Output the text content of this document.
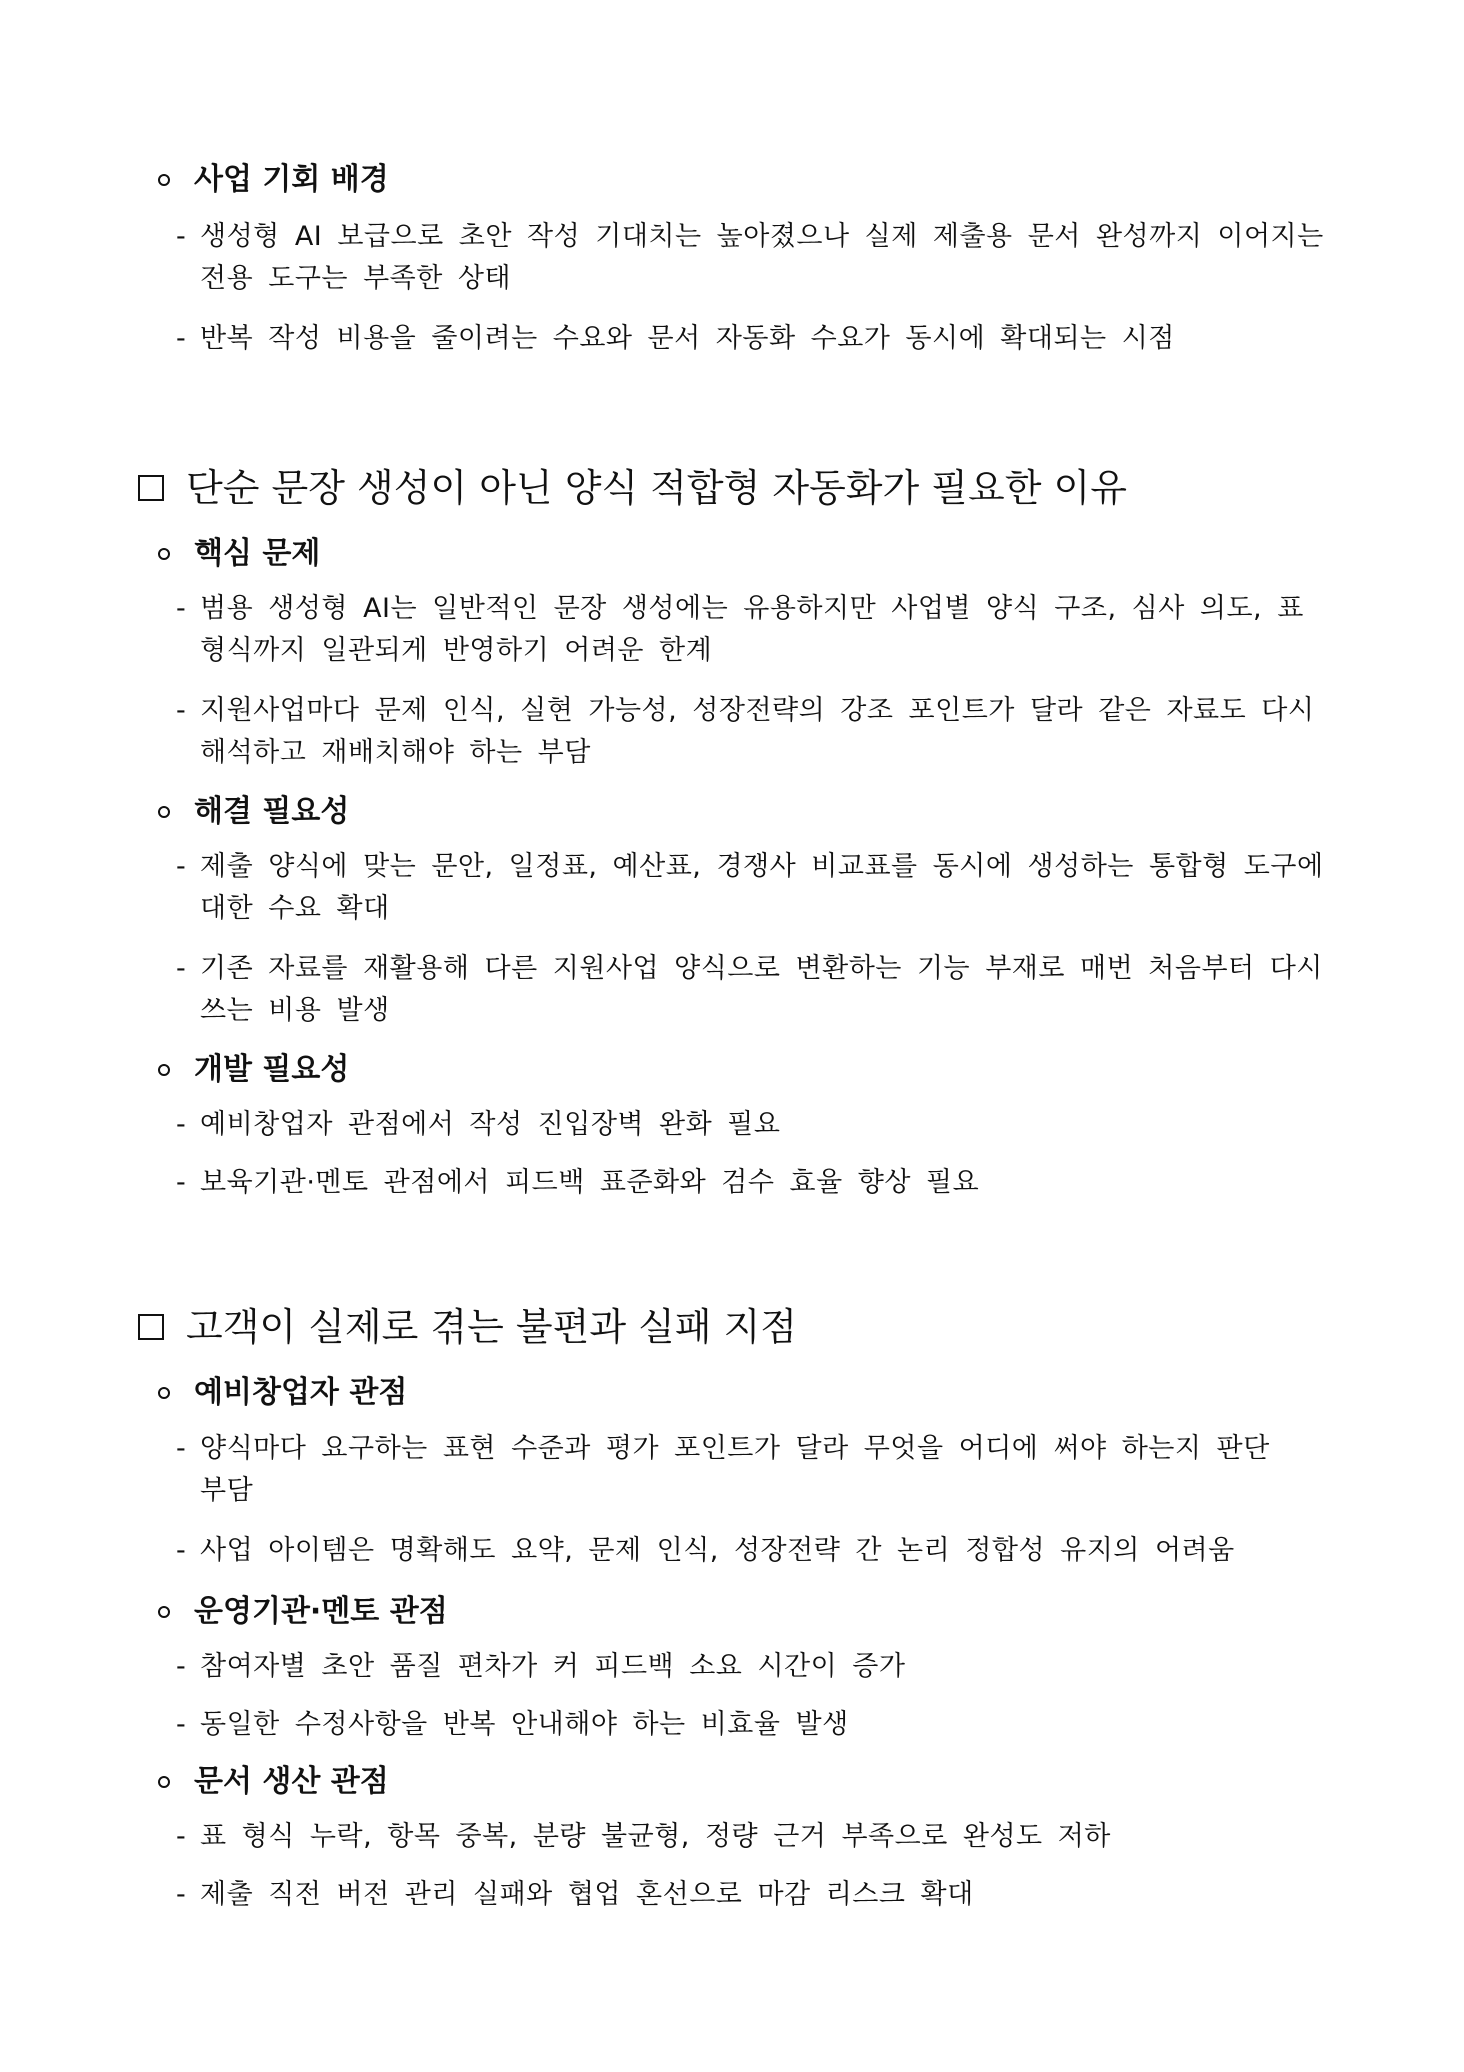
사업 기회 배경
- 생성형 AI 보급으로 초안 작성 기대치는 높아졌으나 실제 제출용 문서 완성까지 이어지는 전용 도구는 부족한 상태
- 반복 작성 비용을 줄이려는 수요와 문서 자동화 수요가 동시에 확대되는 시점
단순 문장 생성이 아닌 양식 적합형 자동화가 필요한 이유
핵심 문제
- 범용 생성형 AI는 일반적인 문장 생성에는 유용하지만 사업별 양식 구조, 심사 의도, 표 형식까지 일관되게 반영하기 어려운 한계
- 지원사업마다 문제 인식, 실현 가능성, 성장전략의 강조 포인트가 달라 같은 자료도 다시 해석하고 재배치해야 하는 부담
해결 필요성
- 제출 양식에 맞는 문안, 일정표, 예산표, 경쟁사 비교표를 동시에 생성하는 통합형 도구에 대한 수요 확대
- 기존 자료를 재활용해 다른 지원사업 양식으로 변환하는 기능 부재로 매번 처음부터 다시 쓰는 비용 발생
개발 필요성
- 예비창업자 관점에서 작성 진입장벽 완화 필요
- 보육기관·멘토 관점에서 피드백 표준화와 검수 효율 향상 필요
고객이 실제로 겪는 불편과 실패 지점
예비창업자 관점
- 양식마다 요구하는 표현 수준과 평가 포인트가 달라 무엇을 어디에 써야 하는지 판단 부담
- 사업 아이템은 명확해도 요약, 문제 인식, 성장전략 간 논리 정합성 유지의 어려움
운영기관·멘토 관점
- 참여자별 초안 품질 편차가 커 피드백 소요 시간이 증가
- 동일한 수정사항을 반복 안내해야 하는 비효율 발생
문서 생산 관점
- 표 형식 누락, 항목 중복, 분량 불균형, 정량 근거 부족으로 완성도 저하
- 제출 직전 버전 관리 실패와 협업 혼선으로 마감 리스크 확대
